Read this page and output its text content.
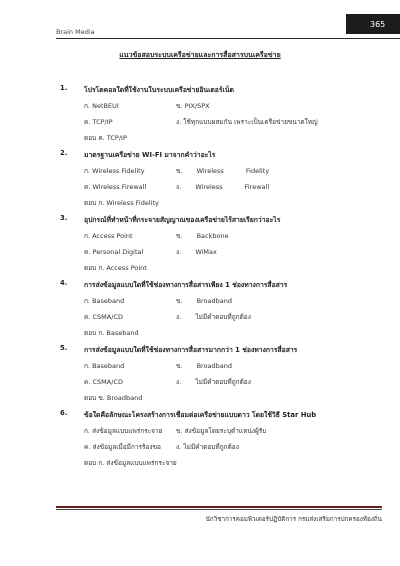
Brain Media
365
แนวข้อสอบระบบเครือข่ายและการสื่อสารบนเครือข่าย
1. โปรโตคอลใดที่ใช้งานในระบบเครือข่ายอินเตอร์เน็ต
ก. NetBEUI	ข. PIX/SPX
ค. TCP/IP	ง. ใช้ทุกแบบผสมกัน เพราะเป็นเครือข่ายขนาดใหญ่
ตอบ ค. TCP/IP
2. มาตรฐานเครือข่าย WI-FI มาจากคำว่าอะไร
ก. Wireless Fidelity	ข. Wireless	Fidelity
ค. Wireless Firewall	ง. Wireless	Firewall
ตอบ ก. Wireless Fidelity
3. อุปกรณ์ที่ทำหน้าที่กระจายสัญญาณของเครือข่ายไร้สายเรียกว่าอะไร
ก. Access Point	ข. Backbone
ค. Personal Digital	ง. WiMax
ตอบ ก. Access Point
4. การส่งข้อมูลแบบใดที่ใช้ช่องทางการสื่อสารเพียง 1 ช่องทางการสื่อสาร
ก. Baseband	ข. Broadband
ค. CSMA/CD	ง. ไม่มีคำตอบที่ถูกต้อง
ตอบ ก. Baseband
5. การส่งข้อมูลแบบใดที่ใช้ช่องทางการสื่อสารมากกว่า 1 ช่องทางการสื่อสาร
ก. Baseband	ข. Broadband
ค. CSMA/CD	ง. ไม่มีคำตอบที่ถูกต้อง
ตอบ ข. Broadband
6. ข้อใดคือลักษณะโครงสร้างการเชื่อมต่อเครือข่ายแบบดาว โดยใช้วิธี Star Hub
ก. ส่งข้อมูลแบบแพร่กระจาย ข. ส่งข้อมูลโดยระบุตำแหน่งผู้รับ
ค. ส่งข้อมูลเมื่อมีการร้องขอ ง. ไม่มีคำตอบที่ถูกต้อง
ตอบ ก. ส่งข้อมูลแบบแพร่กระจาย
นักวิชาการคอมพิวเตอร์ปฏิบัติการ กรมส่งเสริมการปกครองท้องถิ่น
